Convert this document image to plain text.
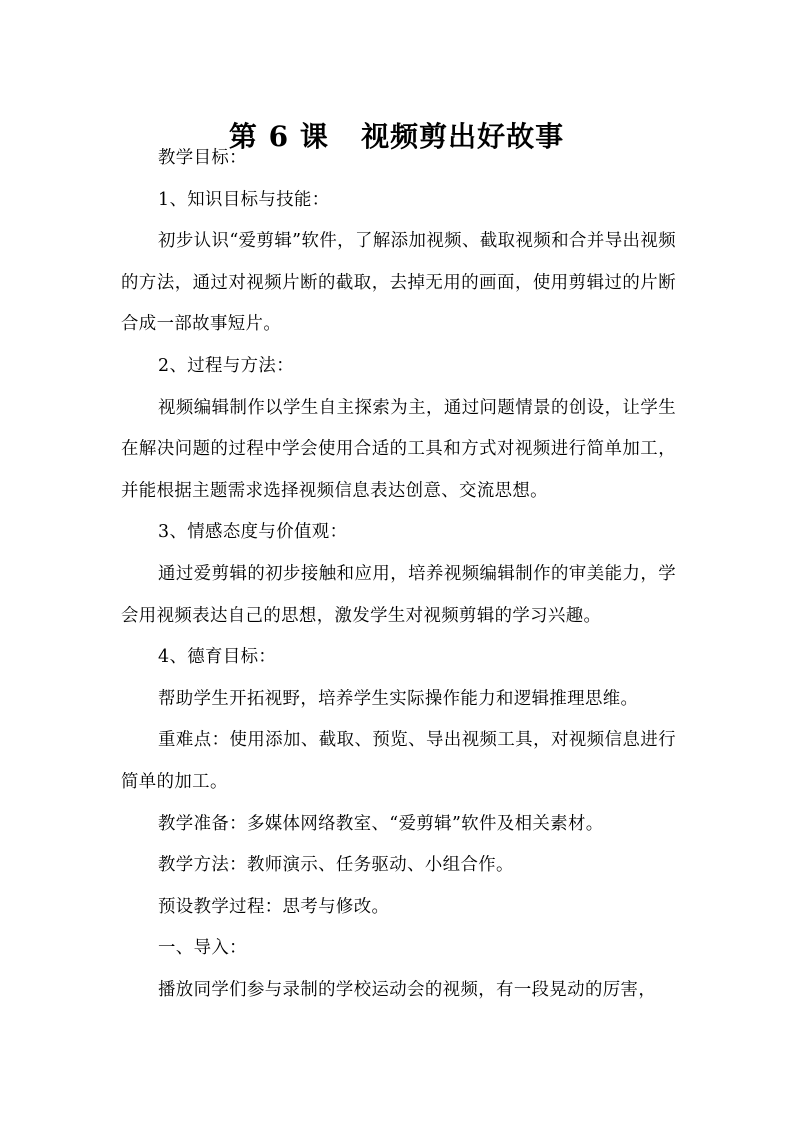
第 6 课   视频剪出好故事

教学目标：

1、知识目标与技能：

初步认识“爱剪辑”软件，了解添加视频、截取视频和合并导出视频的方法，通过对视频片断的截取，去掉无用的画面，使用剪辑过的片断合成一部故事短片。

2、过程与方法：

视频编辑制作以学生自主探索为主，通过问题情景的创设，让学生在解决问题的过程中学会使用合适的工具和方式对视频进行简单加工，并能根据主题需求选择视频信息表达创意、交流思想。

3、情感态度与价值观：

通过爱剪辑的初步接触和应用，培养视频编辑制作的审美能力，学会用视频表达自己的思想，激发学生对视频剪辑的学习兴趣。

4、德育目标：

帮助学生开拓视野，培养学生实际操作能力和逻辑推理思维。

重难点：使用添加、截取、预览、导出视频工具，对视频信息进行简单的加工。

教学准备：多媒体网络教室、“爱剪辑”软件及相关素材。

教学方法：教师演示、任务驱动、小组合作。

预设教学过程：思考与修改。

一、导入：

播放同学们参与录制的学校运动会的视频，有一段晃动的厉害，
